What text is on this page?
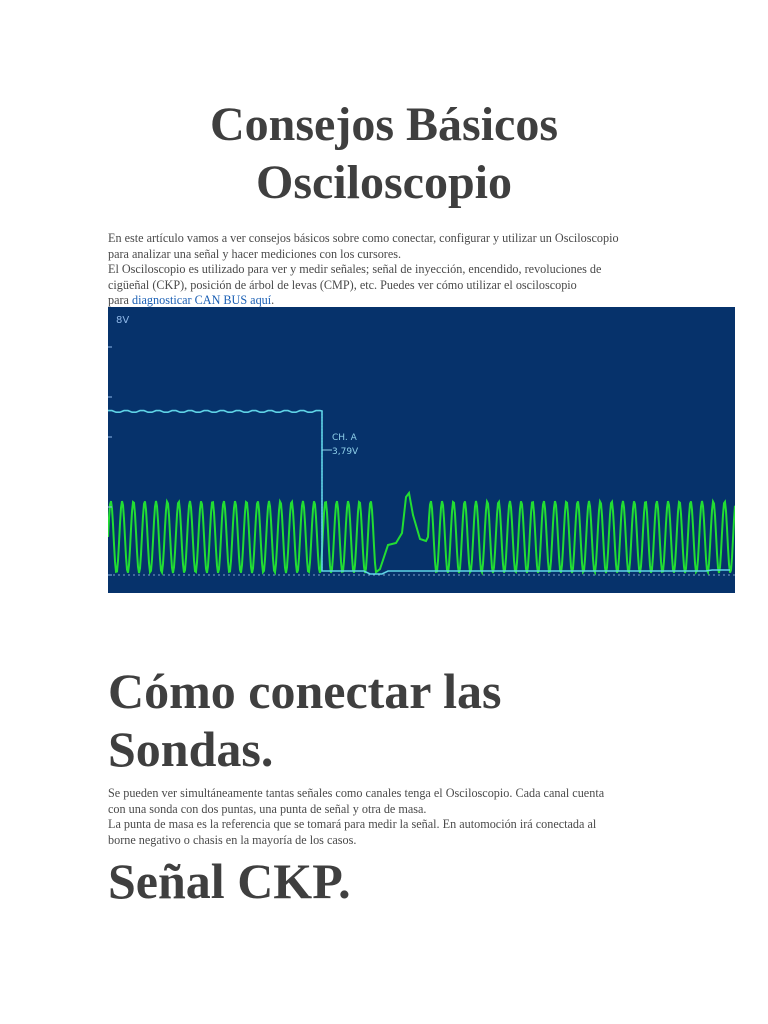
Consejos Básicos
Osciloscopio

En este artículo vamos a ver consejos básicos sobre como conectar, configurar y utilizar un Osciloscopio
para analizar una señal y hacer mediciones con los cursores.
El Osciloscopio es utilizado para ver y medir señales; señal de inyección, encendido, revoluciones de
cigüeñal (CKP), posición de árbol de levas (CMP), etc. Puedes ver cómo utilizar el osciloscopio
para diagnosticar CAN BUS aquí.

8V
CH. A
3,79V
Cómo conectar las
Sondas.

Se pueden ver simultáneamente tantas señales como canales tenga el Osciloscopio. Cada canal cuenta
con una sonda con dos puntas, una punta de señal y otra de masa.
La punta de masa es la referencia que se tomará para medir la señal. En automoción irá conectada al
borne negativo o chasis en la mayoría de los casos.

Señal CKP.
